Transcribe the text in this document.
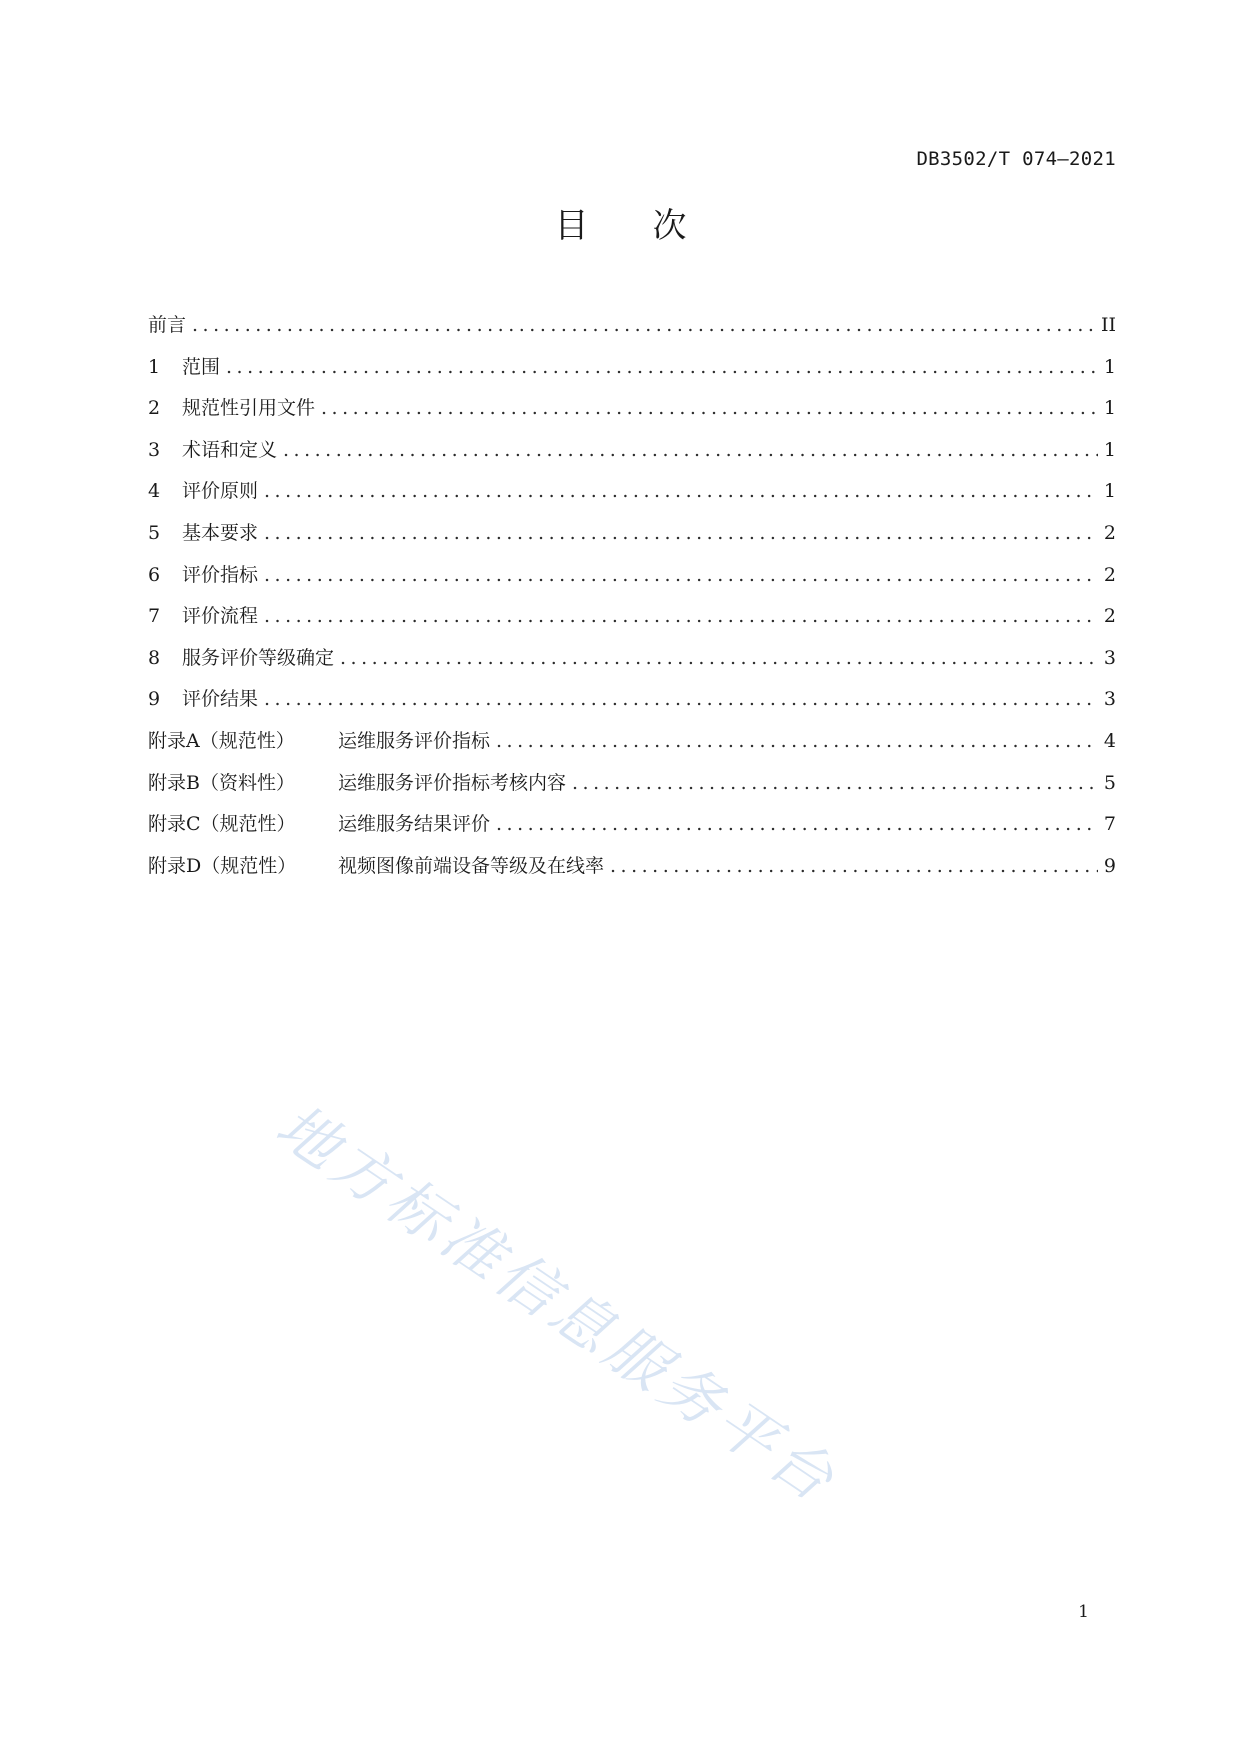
DB3502/T 074—2021
目次
前言 .....	II
1	范围 .....	1
2	规范性引用文件 .....	1
3	术语和定义 .....	1
4	评价原则 .....	1
5	基本要求 .....	2
6	评价指标 .....	2
7	评价流程 .....	2
8	服务评价等级确定 .....	3
9	评价结果 .....	3
附录A（规范性）	运维服务评价指标 .....	4
附录B（资料性）	运维服务评价指标考核内容 .....	5
附录C（规范性）	运维服务结果评价 .....	7
附录D（规范性）	视频图像前端设备等级及在线率 .....	9
地方标准信息服务平台
1
